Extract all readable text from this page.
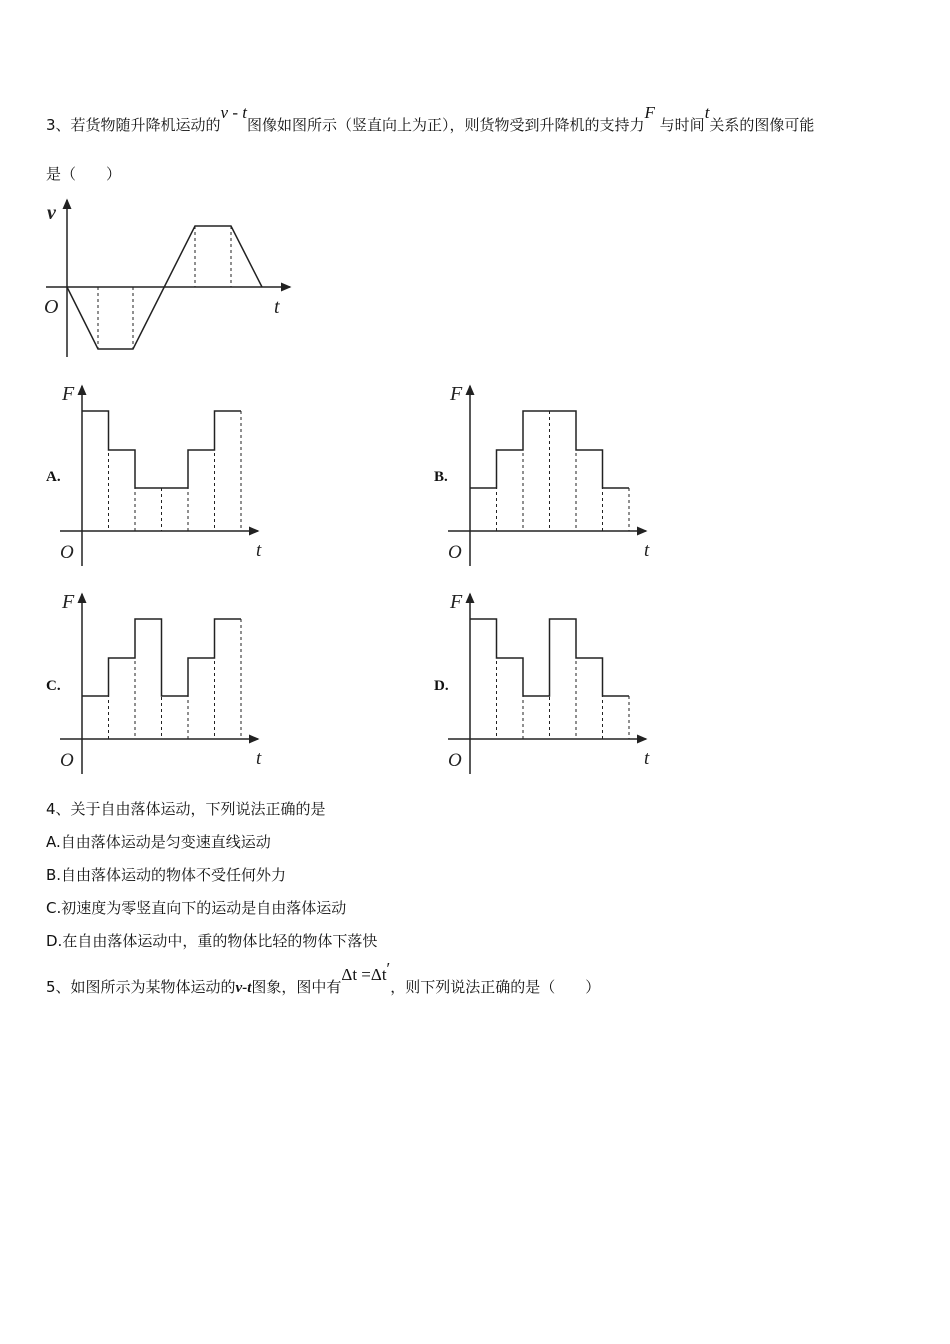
3、若货物随升降机运动的v - t图像如图所示（竖直向上为正），则货物受到升降机的支持力F 与时间t关系的图像可能
是（　　）
v
t
O
A.
F
t
O
B.
F
t
O
C.
F
t
O
D.
F
t
O
4、关于自由落体运动，下列说法正确的是
A.自由落体运动是匀变速直线运动
B.自由落体运动的物体不受任何外力
C.初速度为零竖直向下的运动是自由落体运动
D.在自由落体运动中，重的物体比轻的物体下落快
5、如图所示为某物体运动的v-t图象，图中有Δt =Δt′，则下列说法正确的是（　　）
